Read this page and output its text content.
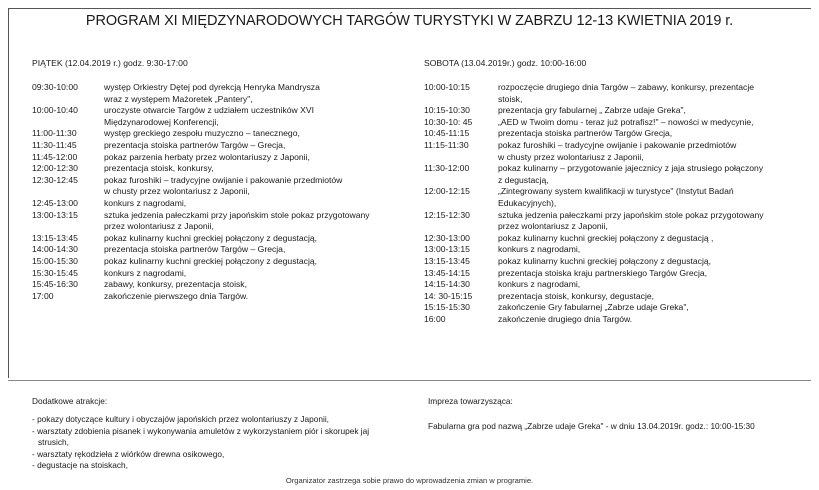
PROGRAM XI MIĘDZYNARODOWYCH TARGÓW TURYSTYKI W ZABRZU 12-13 KWIETNIA 2019 r.
PIĄTEK (12.04.2019 r.) godz. 9:30-17:00
09:30-10:00	występ Orkiestry Dętej pod dyrekcją Henryka Mandrysza
wraz z występem Mażoretek „Pantery",
10:00-10:40	uroczyste otwarcie Targów z udziałem uczestników XVI
Międzynarodowej Konferencji,
11:00-11:30	występ greckiego zespołu muzyczno – tanecznego,
11:30-11:45	prezentacja stoiska partnerów Targów – Grecja,
11:45-12:00	pokaz parzenia herbaty przez wolontariuszy z Japonii,
12:00-12:30	prezentacja stoisk, konkursy,
12:30-12:45	pokaz furoshiki – tradycyjne owijanie i pakowanie przedmiotów
w chusty przez wolontariusz z Japonii,
12:45-13:00	konkurs z nagrodami,
13:00-13:15	sztuka jedzenia pałeczkami przy japońskim stole pokaz przygotowany
przez wolontariusz z Japonii,
13:15-13:45	pokaz kulinarny kuchni greckiej połączony z degustacją,
14:00-14:30	prezentacja stoiska partnerów Targów – Grecja,
15:00-15:30	pokaz kulinarny kuchni greckiej połączony z degustacją,
15:30-15:45	konkurs z nagrodami,
15:45-16:30	zabawy, konkursy, prezentacja stoisk,
17:00	zakończenie pierwszego dnia Targów.
SOBOTA (13.04.2019r.) godz. 10:00-16:00
10:00-10:15	rozpoczęcie drugiego dnia Targów – zabawy, konkursy, prezentacje
stoisk,
10:15-10:30	prezentacja gry fabularnej „ Zabrze udaje Greka",
10:30-10: 45	„AED w Twoim domu - teraz już potrafisz!" – nowości w medycynie,
10:45-11:15	prezentacja stoiska partnerów Targów Grecja,
11:15-11:30	pokaz furoshiki – tradycyjne owijanie i pakowanie przedmiotów
w chusty przez wolontariusz z Japonii,
11:30-12:00	pokaz kulinarny – przygotowanie jajecznicy z jaja strusiego połączony
z degustacją,
12:00-12:15	„Zintegrowany system kwalifikacji w turystyce" (Instytut Badań
Edukacyjnych),
12:15-12:30	sztuka jedzenia pałeczkami przy japońskim stole pokaz przygotowany
przez wolontariusz z Japonii,
12:30-13:00	pokaz kulinarny kuchni greckiej połączony z degustacją ,
13:00-13:15	konkurs z nagrodami,
13:15-13:45	pokaz kulinarny kuchni greckiej połączony z degustacją,
13:45-14:15	prezentacja stoiska kraju partnerskiego Targów Grecja,
14:15-14:30	konkurs z nagrodami,
14: 30-15:15	prezentacja stoisk, konkursy, degustacje,
15:15-15:30	zakończenie Gry fabularnej „Zabrze udaje Greka",
16:00	zakończenie drugiego dnia Targów.
Dodatkowe atrakcje:
- pokazy dotyczące kultury i obyczajów japońskich przez wolontariuszy z Japonii,
- warsztaty zdobienia pisanek i wykonywania amuletów z wykorzystaniem piór i skorupek jaj
strusich,
- warsztaty rękodzieła z wiórków drewna osikowego,
- degustacje na stoiskach,
Impreza towarzysząca:

Fabularna gra pod nazwą „Zabrze udaje Greka" - w dniu 13.04.2019r. godz.: 10:00-15:30

Organizator zastrzega sobie prawo do wprowadzenia zmian w programie.
